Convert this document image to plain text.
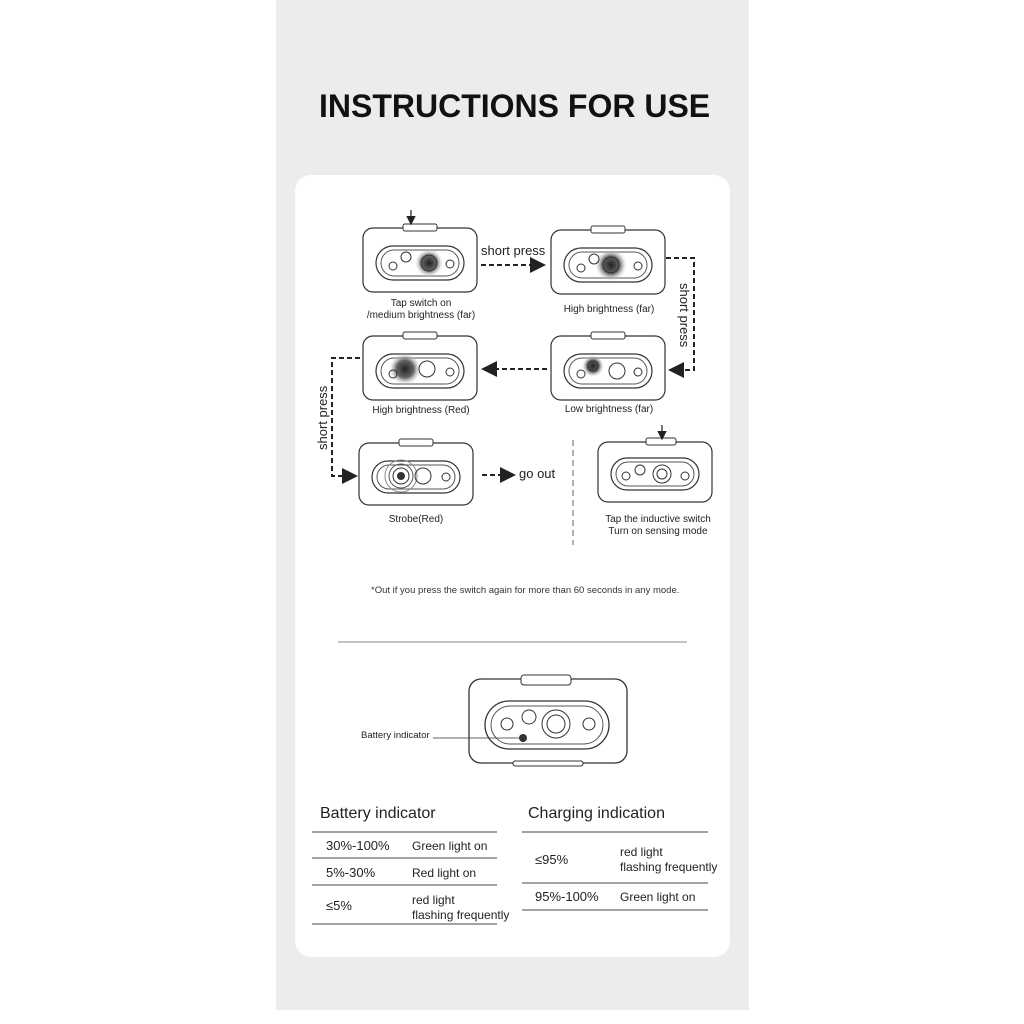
INSTRUCTIONS FOR USE
Tap switch on
/medium brightness (far)
High brightness (far)
Low brightness (far)
High brightness (Red)
Strobe(Red)	Tap the inductive switch
Turn on sensing mode
short press
short press
short press
go out
*Out if you press the switch again for more than 60 seconds in any mode.
Battery indicator
Battery indicator
30%-100% Green light on
5%-30%	Red light on
≤5%	red light
flashing frequently
Charging indication
≤95%	red light
flashing frequently
95%-100% Green light on
